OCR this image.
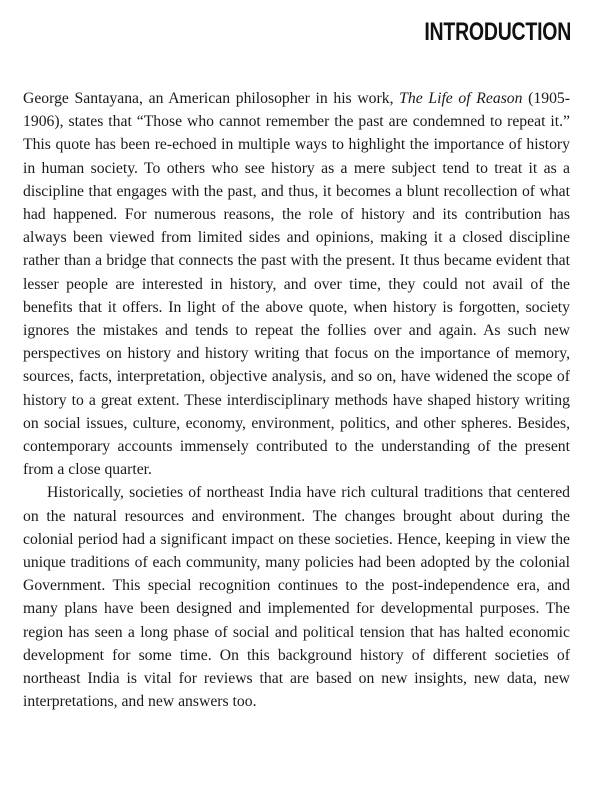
INTRODUCTION

George Santayana, an American philosopher in his work, The Life of Reason (1905-1906), states that “Those who cannot remember the past are condemned to repeat it.” This quote has been re-echoed in multiple ways to highlight the importance of history in human society. To others who see history as a mere subject tend to treat it as a discipline that engages with the past, and thus, it becomes a blunt recollection of what had happened. For numerous reasons, the role of history and its contribution has always been viewed from limited sides and opinions, making it a closed discipline rather than a bridge that connects the past with the present. It thus became evident that lesser people are interested in history, and over time, they could not avail of the benefits that it offers. In light of the above quote, when history is forgotten, society ignores the mistakes and tends to repeat the follies over and again. As such new perspectives on history and history writing that focus on the importance of memory, sources, facts, interpretation, objective analysis, and so on, have widened the scope of history to a great extent. These interdisciplinary methods have shaped history writing on social issues, culture, economy, environment, politics, and other spheres. Besides, contemporary accounts immensely contributed to the understanding of the present from a close quarter.

Historically, societies of northeast India have rich cultural traditions that centered on the natural resources and environment. The changes brought about during the colonial period had a significant impact on these societies. Hence, keeping in view the unique traditions of each community, many policies had been adopted by the colonial Government. This special recognition continues to the post-independence era, and many plans have been designed and implemented for developmental purposes. The region has seen a long phase of social and political tension that has halted economic development for some time. On this background history of different societies of northeast India is vital for reviews that are based on new insights, new data, new interpretations, and new answers too.
